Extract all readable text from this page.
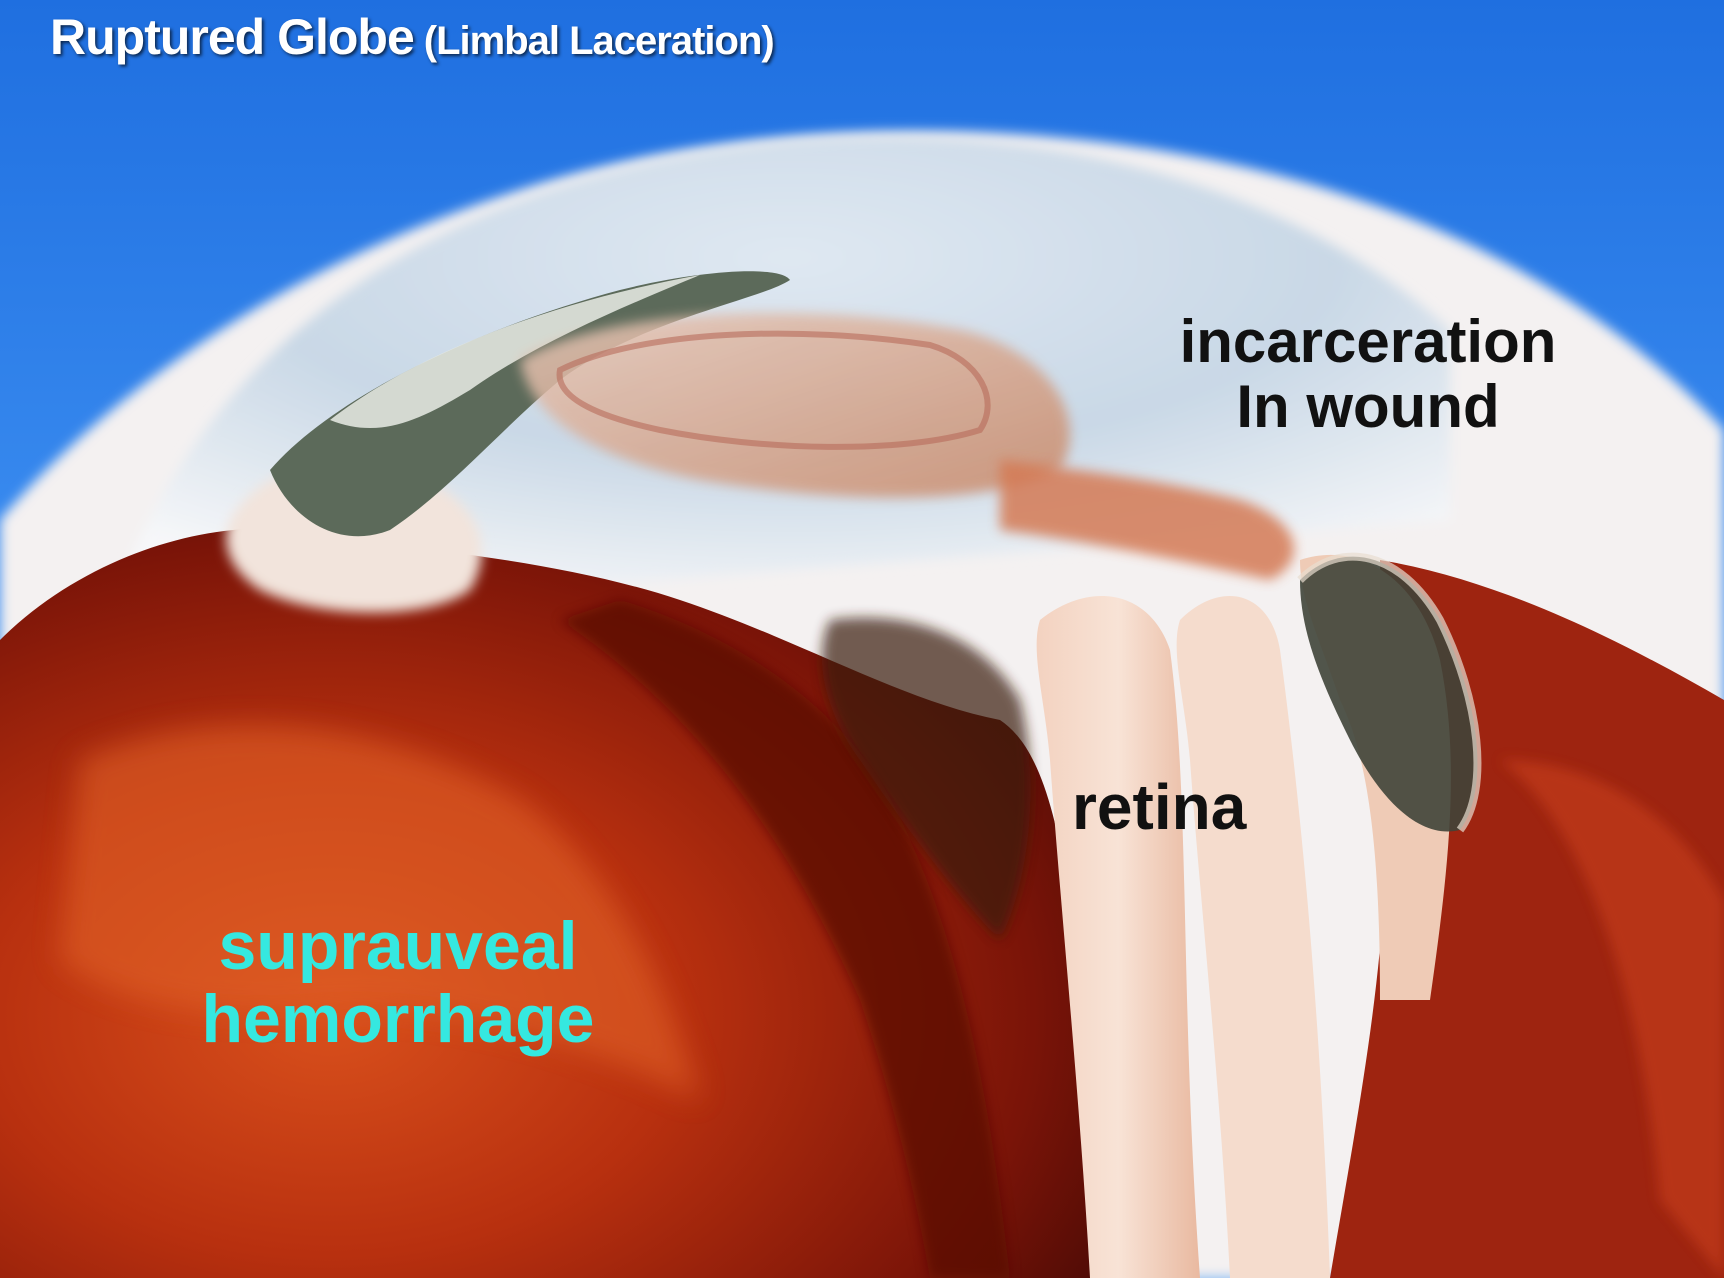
Ruptured Globe (Limbal Laceration)
incarceration
In wound
retina
suprauveal
hemorrhage
